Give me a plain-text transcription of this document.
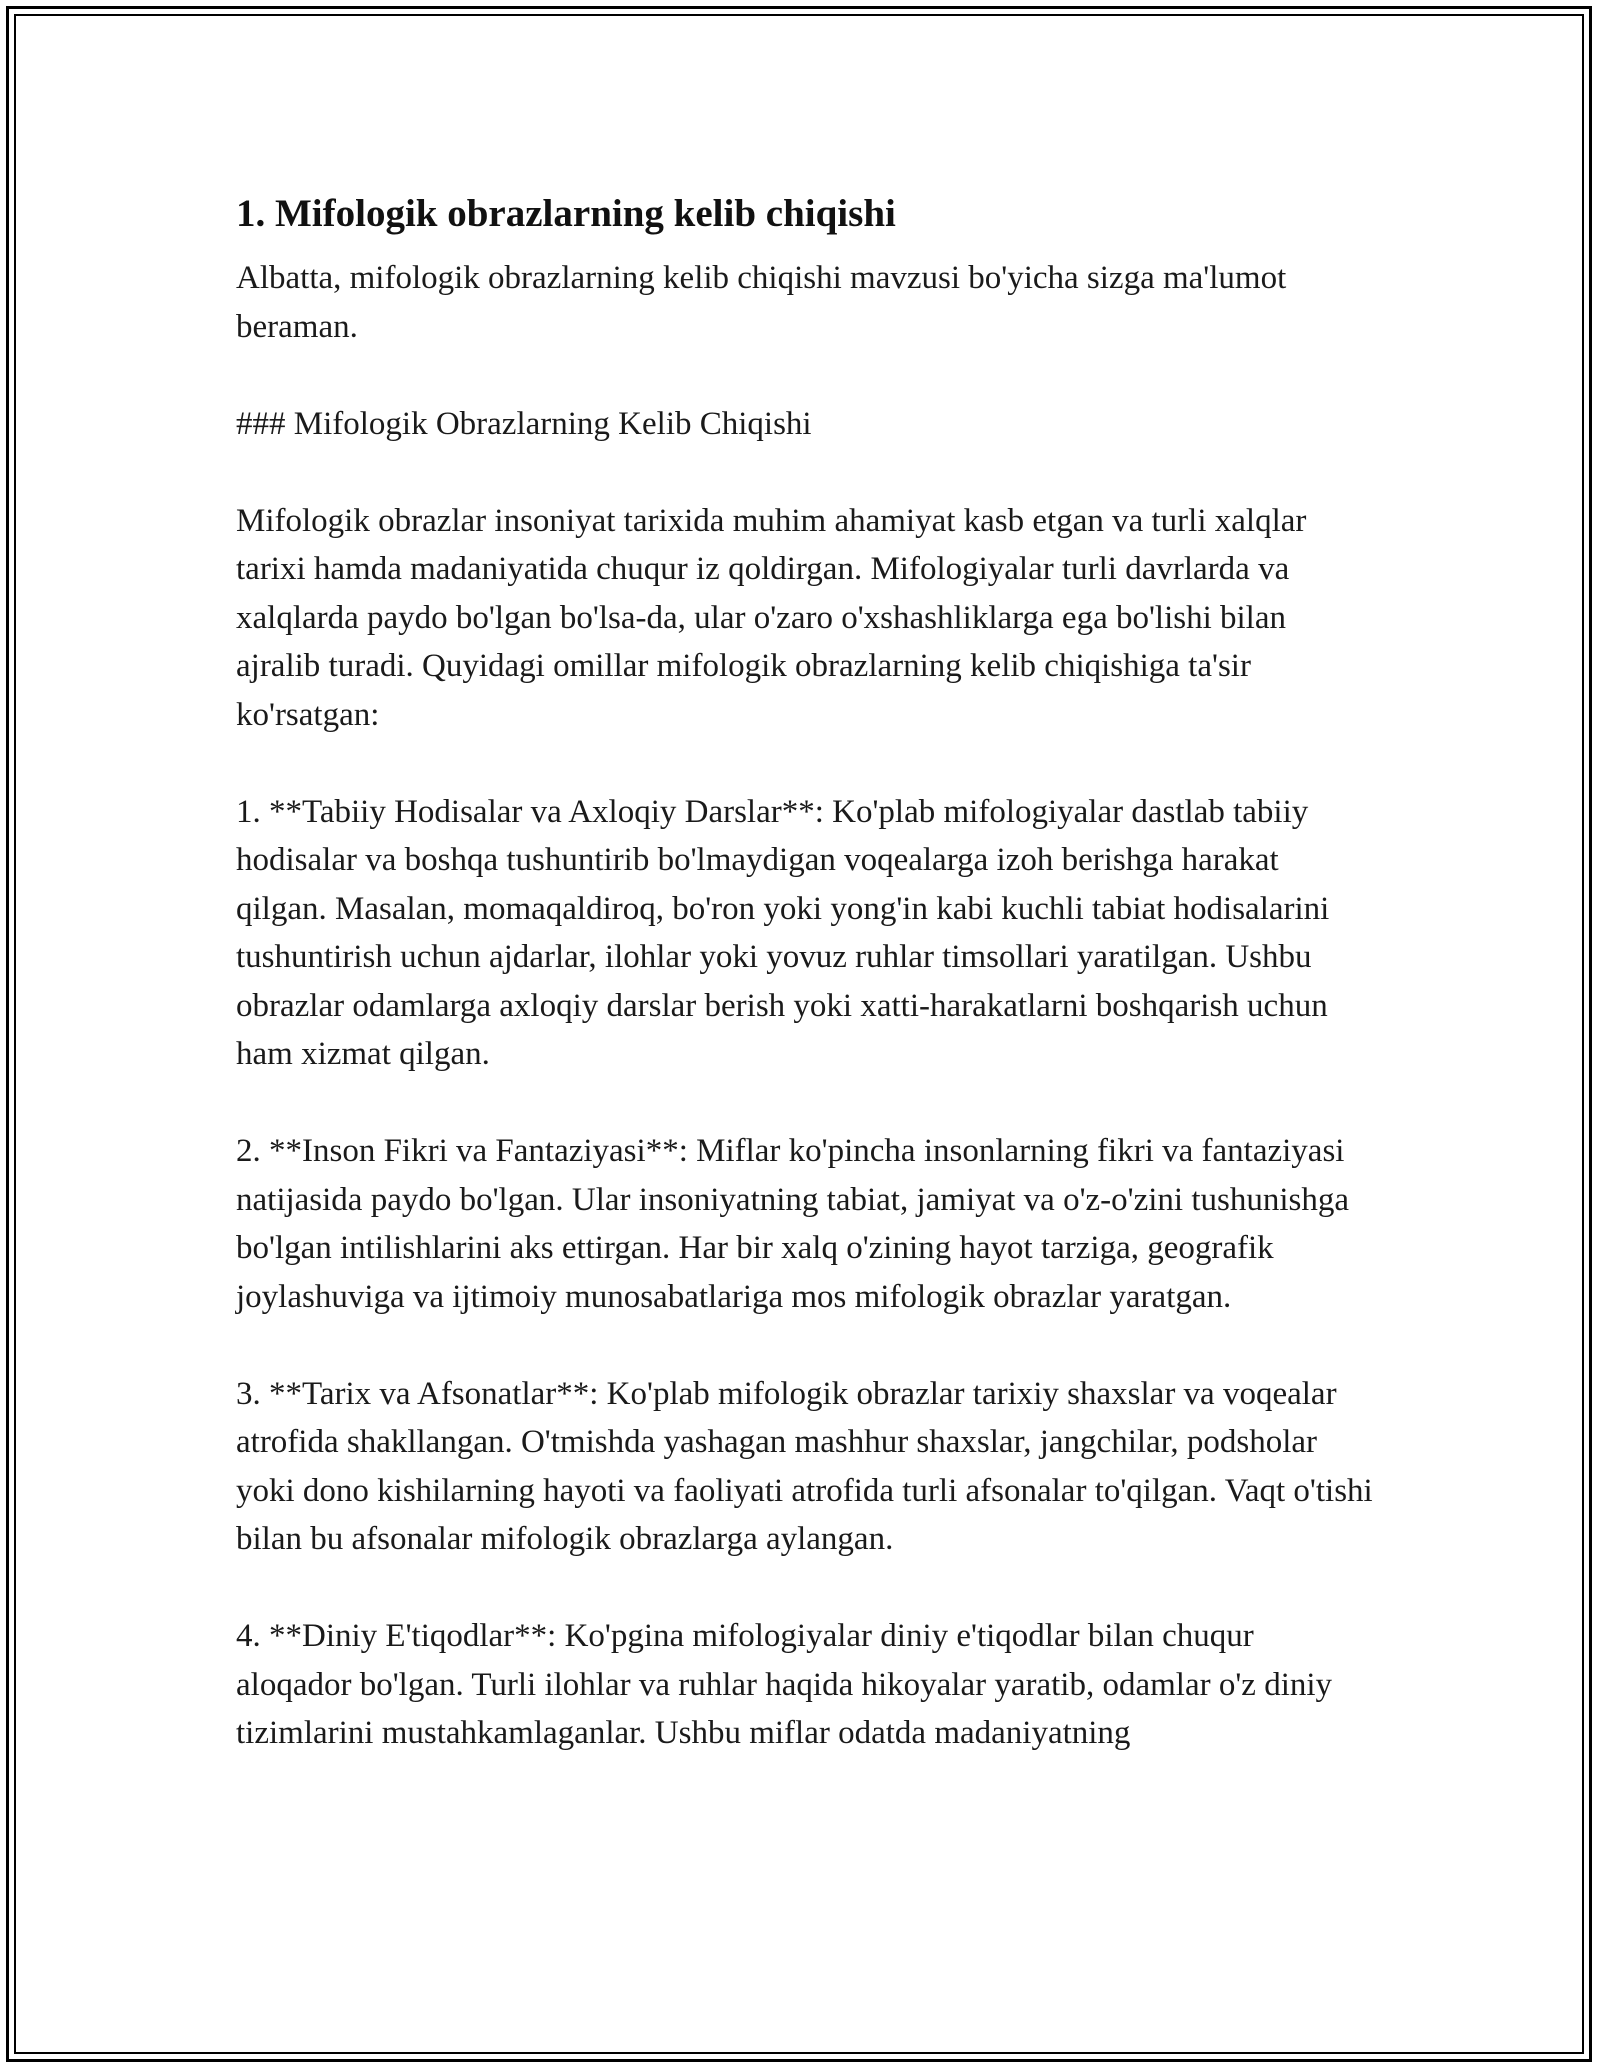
1. Mifologik obrazlarning kelib chiqishi

Albatta, mifologik obrazlarning kelib chiqishi mavzusi bo'yicha sizga ma'lumot beraman.

### Mifologik Obrazlarning Kelib Chiqishi

Mifologik obrazlar insoniyat tarixida muhim ahamiyat kasb etgan va turli xalqlar tarixi hamda madaniyatida chuqur iz qoldirgan. Mifologiyalar turli davrlarda va xalqlarda paydo bo'lgan bo'lsa-da, ular o'zaro o'xshashliklarga ega bo'lishi bilan ajralib turadi. Quyidagi omillar mifologik obrazlarning kelib chiqishiga ta'sir ko'rsatgan:

1. **Tabiiy Hodisalar va Axloqiy Darslar**: Ko'plab mifologiyalar dastlab tabiiy hodisalar va boshqa tushuntirib bo'lmaydigan voqealarga izoh berishga harakat qilgan. Masalan, momaqaldiroq, bo'ron yoki yong'in kabi kuchli tabiat hodisalarini tushuntirish uchun ajdarlar, ilohlar yoki yovuz ruhlar timsollari yaratilgan. Ushbu obrazlar odamlarga axloqiy darslar berish yoki xatti-harakatlarni boshqarish uchun ham xizmat qilgan.

2. **Inson Fikri va Fantaziyasi**: Miflar ko'pincha insonlarning fikri va fantaziyasi natijasida paydo bo'lgan. Ular insoniyatning tabiat, jamiyat va o'z-o'zini tushunishga bo'lgan intilishlarini aks ettirgan. Har bir xalq o'zining hayot tarziga, geografik joylashuviga va ijtimoiy munosabatlariga mos mifologik obrazlar yaratgan.

3. **Tarix va Afsonatlar**: Ko'plab mifologik obrazlar tarixiy shaxslar va voqealar atrofida shakllangan. O'tmishda yashagan mashhur shaxslar, jangchilar, podsholar yoki dono kishilarning hayoti va faoliyati atrofida turli afsonalar to'qilgan. Vaqt o'tishi bilan bu afsonalar mifologik obrazlarga aylangan.

4. **Diniy E'tiqodlar**: Ko'pgina mifologiyalar diniy e'tiqodlar bilan chuqur aloqador bo'lgan. Turli ilohlar va ruhlar haqida hikoyalar yaratib, odamlar o'z diniy tizimlarini mustahkamlaganlar. Ushbu miflar odatda madaniyatning
